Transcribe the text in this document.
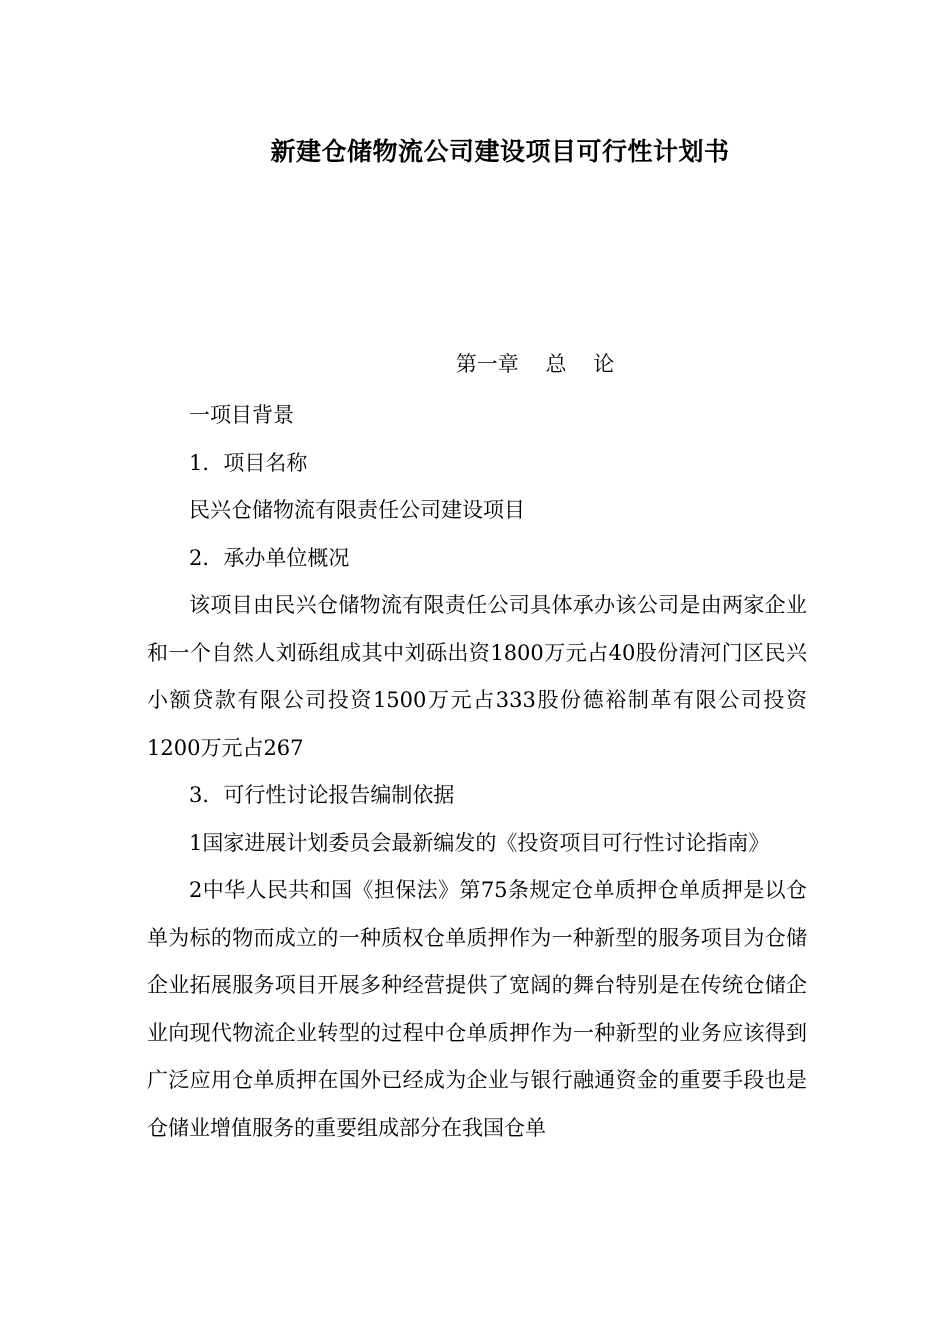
新建仓储物流公司建设项目可行性计划书
第一章    总    论

一项目背景

1．项目名称

民兴仓储物流有限责任公司建设项目

2．承办单位概况

该项目由民兴仓储物流有限责任公司具体承办该公司是由两家企业和一个自然人刘砾组成其中刘砾出资1800万元占40股份清河门区民兴小额贷款有限公司投资1500万元占333股份德裕制革有限公司投资1200万元占267

3．可行性讨论报告编制依据

1国家进展计划委员会最新编发的《投资项目可行性讨论指南》

2中华人民共和国《担保法》第75条规定仓单质押仓单质押是以仓单为标的物而成立的一种质权仓单质押作为一种新型的服务项目为仓储企业拓展服务项目开展多种经营提供了宽阔的舞台特别是在传统仓储企业向现代物流企业转型的过程中仓单质押作为一种新型的业务应该得到广泛应用仓单质押在国外已经成为企业与银行融通资金的重要手段也是仓储业增值服务的重要组成部分在我国仓单
